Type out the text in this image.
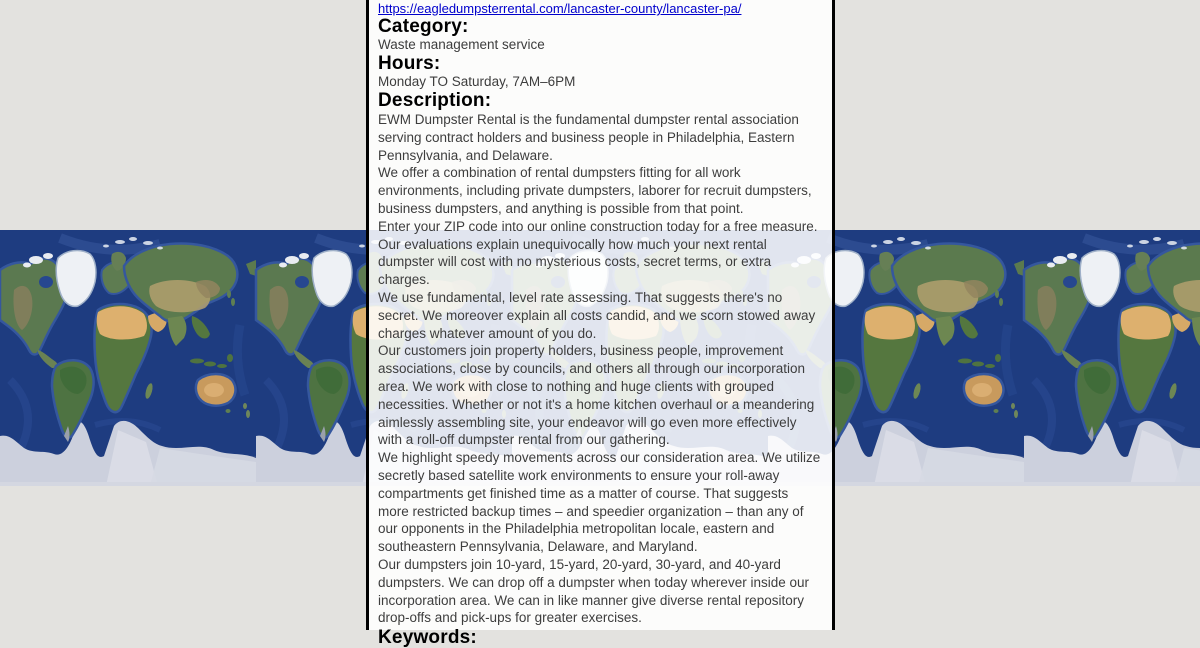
https://eagledumpsterrental.com/lancaster-county/lancaster-pa/
Category:

Waste management service

Hours:

Monday TO Saturday, 7AM–6PM

Description:

EWM Dumpster Rental is the fundamental dumpster rental association serving contract holders and business people in Philadelphia, Eastern Pennsylvania, and Delaware.

We offer a combination of rental dumpsters fitting for all work environments, including private dumpsters, laborer for recruit dumpsters, business dumpsters, and anything is possible from that point.

Enter your ZIP code into our online construction today for a free measure. Our evaluations explain unequivocally how much your next rental dumpster will cost with no mysterious costs, secret terms, or extra charges.

We use fundamental, level rate assessing. That suggests there's no secret. We moreover explain all costs candid, and we scorn stowed away charges whatever amount of you do.

Our customers join property holders, business people, improvement associations, close by councils, and others all through our incorporation area. We work with close to nothing and huge clients with grouped necessities. Whether or not it's a home kitchen overhaul or a meandering aimlessly assembling site, your endeavor will go even more effectively with a roll-off dumpster rental from our gathering.

We highlight speedy movements across our consideration area. We utilize secretly based satellite work environments to ensure your roll-away compartments get finished time as a matter of course. That suggests more restricted backup times – and speedier organization – than any of our opponents in the Philadelphia metropolitan locale, eastern and southeastern Pennsylvania, Delaware, and Maryland.

Our dumpsters join 10-yard, 15-yard, 20-yard, 30-yard, and 40-yard dumpsters. We can drop off a dumpster when today wherever inside our incorporation area. We can in like manner give diverse rental repository drop-offs and pick-ups for greater exercises.

Keywords:
